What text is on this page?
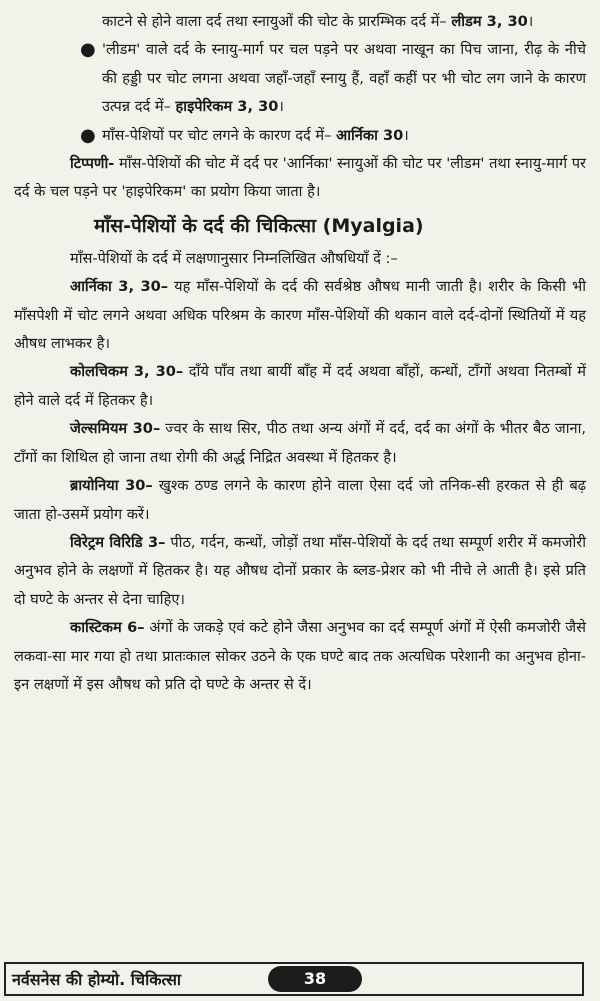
काटने से होने वाला दर्द तथा स्नायुओं की चोट के प्रारम्भिक दर्द में– लीडम 3, 30।

● 'लीडम' वाले दर्द के स्नायु-मार्ग पर चल पड़ने पर अथवा नाखून का पिच जाना, रीढ़ के नीचे की हड्डी पर चोट लगना अथवा जहाँ-जहाँ स्नायु हैं, वहाँ कहीं पर भी चोट लग जाने के कारण उत्पन्न दर्द में– हाइपेरिकम 3, 30।

● माँस-पेशियों पर चोट लगने के कारण दर्द में– आर्निका 30।

टिप्पणी- माँस-पेशियों की चोट में दर्द पर 'आर्निका' स्नायुओं की चोट पर 'लीडम' तथा स्नायु-मार्ग पर दर्द के चल पड़ने पर 'हाइपेरिकम' का प्रयोग किया जाता है।

माँस-पेशियों के दर्द की चिकित्सा (Myalgia)

माँस-पेशियों के दर्द में लक्षणानुसार निम्नलिखित औषधियाँ दें :–

आर्निका 3, 30– यह माँस-पेशियों के दर्द की सर्वश्रेष्ठ औषध मानी जाती है। शरीर के किसी भी माँसपेशी में चोट लगने अथवा अधिक परिश्रम के कारण माँस-पेशियों की थकान वाले दर्द-दोनों स्थितियों में यह औषध लाभकर है।

कोलचिकम 3, 30– दाँये पाँव तथा बायीं बाँह में दर्द अथवा बाँहों, कन्धों, टाँगों अथवा नितम्बों में होने वाले दर्द में हितकर है।

जेल्समियम 30– ज्वर के साथ सिर, पीठ तथा अन्य अंगों में दर्द, दर्द का अंगों के भीतर बैठ जाना, टाँगों का शिथिल हो जाना तथा रोगी की अर्द्ध निद्रित अवस्था में हितकर है।

ब्रायोनिया 30– खुश्क ठण्ड लगने के कारण होने वाला ऐसा दर्द जो तनिक-सी हरकत से ही बढ़ जाता हो-उसमें प्रयोग करें।

विरेट्रम विरिडि 3– पीठ, गर्दन, कन्धों, जोड़ों तथा माँस-पेशियों के दर्द तथा सम्पूर्ण शरीर में कमजोरी अनुभव होने के लक्षणों में हितकर है। यह औषध दोनों प्रकार के ब्लड-प्रेशर को भी नीचे ले आती है। इसे प्रति दो घण्टे के अन्तर से देना चाहिए।

कास्टिकम 6– अंगों के जकड़े एवं कटे होने जैसा अनुभव का दर्द सम्पूर्ण अंगों में ऐसी कमजोरी जैसे लकवा-सा मार गया हो तथा प्रातःकाल सोकर उठने के एक घण्टे बाद तक अत्यधिक परेशानी का अनुभव होना-इन लक्षणों में इस औषध को प्रति दो घण्टे के अन्तर से दें।

नर्वसनेस की होम्यो. चिकित्सा	38
